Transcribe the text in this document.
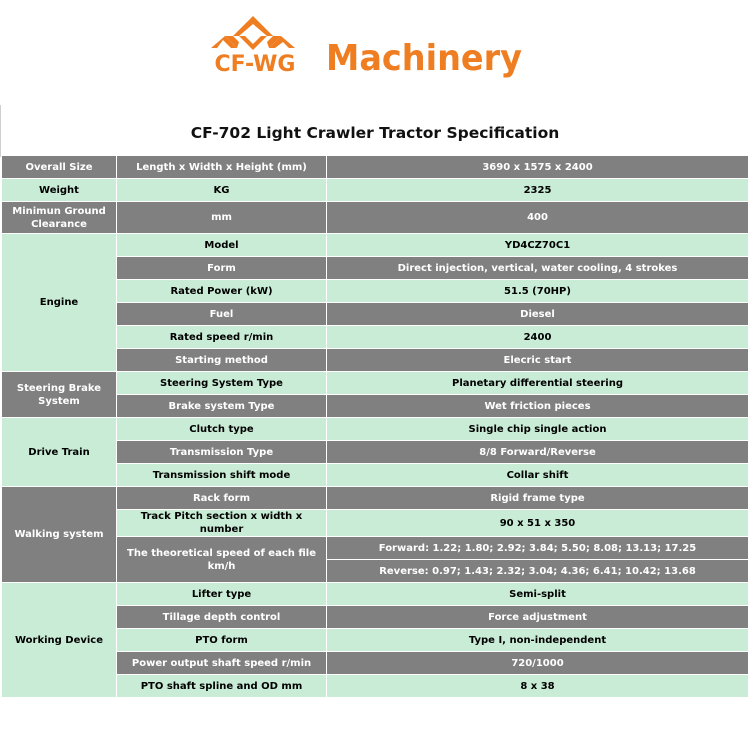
CF-WG Machinery
CF-702 Light Crawler Tractor Specification
Overall Size	Length x Width x Height (mm)	3690 x 1575 x 2400
Weight	KG	2325
Minimun Ground Clearance	mm	400
Engine	Model	YD4CZ70C1
	Form	Direct injection, vertical, water cooling, 4 strokes
	Rated Power (kW)	51.5 (70HP)
	Fuel	Diesel
	Rated speed r/min	2400
	Starting method	Elecric start
Steering Brake System	Steering System Type	Planetary differential steering
	Brake system Type	Wet friction pieces
Drive Train	Clutch type	Single chip single action
	Transmission Type	8/8 Forward/Reverse
	Transmission shift mode	Collar shift
Walking system	Rack form	Rigid frame type
	Track Pitch section x width x number	90 x 51 x 350
	The theoretical speed of each file km/h	Forward: 1.22; 1.80; 2.92; 3.84; 5.50; 8.08; 13.13; 17.25
		Reverse: 0.97; 1.43; 2.32; 3.04; 4.36; 6.41; 10.42; 13.68
Working Device	Lifter type	Semi-split
	Tillage depth control	Force adjustment
	PTO form	Type I, non-independent
	Power output shaft speed r/min	720/1000
	PTO shaft spline and OD mm	8 x 38
